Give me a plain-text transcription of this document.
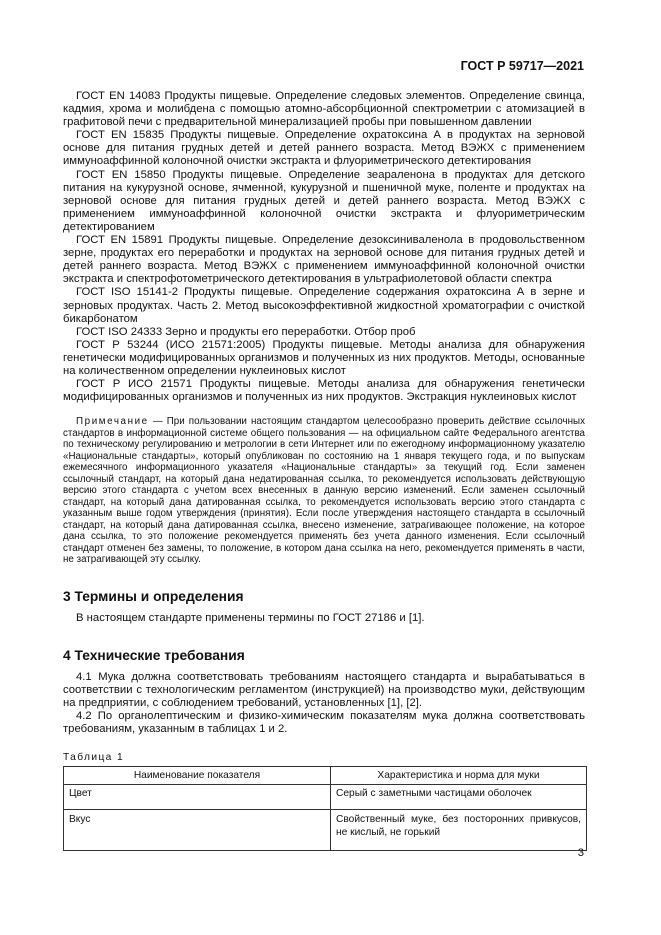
ГОСТ Р 59717—2021

ГОСТ EN 14083 Продукты пищевые. Определение следовых элементов. Определение свинца, кадмия, хрома и молибдена с помощью атомно-абсорбционной спектрометрии с атомизацией в графитовой печи с предварительной минерализацией пробы при повышенном давлении

ГОСТ EN 15835 Продукты пищевые. Определение охратоксина А в продуктах на зерновой основе для питания грудных детей и детей раннего возраста. Метод ВЭЖХ с применением иммуноаффинной колоночной очистки экстракта и флуориметрического детектирования

ГОСТ EN 15850 Продукты пищевые. Определение зеараленона в продуктах для детского питания на кукурузной основе, ячменной, кукурузной и пшеничной муке, поленте и продуктах на зерновой основе для питания грудных детей и детей раннего возраста. Метод ВЭЖХ с применением иммуноаффинной колоночной очистки экстракта и флуориметрическим детектированием

ГОСТ EN 15891 Продукты пищевые. Определение дезоксиниваленола в продовольственном зерне, продуктах его переработки и продуктах на зерновой основе для питания грудных детей и детей раннего возраста. Метод ВЭЖХ с применением иммуноаффинной колоночной очистки экстракта и спектрофотометрического детектирования в ультрафиолетовой области спектра

ГОСТ ISO 15141-2 Продукты пищевые. Определение содержания охратоксина А в зерне и зерновых продуктах. Часть 2. Метод высокоэффективной жидкостной хроматографии с очисткой бикарбонатом

ГОСТ ISO 24333 Зерно и продукты его переработки. Отбор проб

ГОСТ Р 53244 (ИСО 21571:2005) Продукты пищевые. Методы анализа для обнаружения генетически модифицированных организмов и полученных из них продуктов. Методы, основанные на количественном определении нуклеиновых кислот

ГОСТ Р ИСО 21571 Продукты пищевые. Методы анализа для обнаружения генетически модифицированных организмов и полученных из них продуктов. Экстракция нуклеиновых кислот

Примечание — При пользовании настоящим стандартом целесообразно проверить действие ссылочных стандартов в информационной системе общего пользования — на официальном сайте Федерального агентства по техническому регулированию и метрологии в сети Интернет или по ежегодному информационному указателю «Национальные стандарты», который опубликован по состоянию на 1 января текущего года, и по выпускам ежемесячного информационного указателя «Национальные стандарты» за текущий год. Если заменен ссылочный стандарт, на который дана недатированная ссылка, то рекомендуется использовать действующую версию этого стандарта с учетом всех внесенных в данную версию изменений. Если заменен ссылочный стандарт, на который дана датированная ссылка, то рекомендуется использовать версию этого стандарта с указанным выше годом утверждения (принятия). Если после утверждения настоящего стандарта в ссылочный стандарт, на который дана датированная ссылка, внесено изменение, затрагивающее положение, на которое дана ссылка, то это положение рекомендуется применять без учета данного изменения. Если ссылочный стандарт отменен без замены, то положение, в котором дана ссылка на него, рекомендуется применять в части, не затрагивающей эту ссылку.

3 Термины и определения

В настоящем стандарте применены термины по ГОСТ 27186 и [1].

4 Технические требования

4.1 Мука должна соответствовать требованиям настоящего стандарта и вырабатываться в соответствии с технологическим регламентом (инструкцией) на производство муки, действующим на предприятии, с соблюдением требований, установленных [1], [2].

4.2 По органолептическим и физико-химическим показателям мука должна соответствовать требованиям, указанным в таблицах 1 и 2.

Таблица 1
Наименование показателя	Характеристика и норма для муки
Цвет	Серый с заметными частицами оболочек
Вкус	Свойственный муке, без посторонних привкусов, не кислый, не горький
3
